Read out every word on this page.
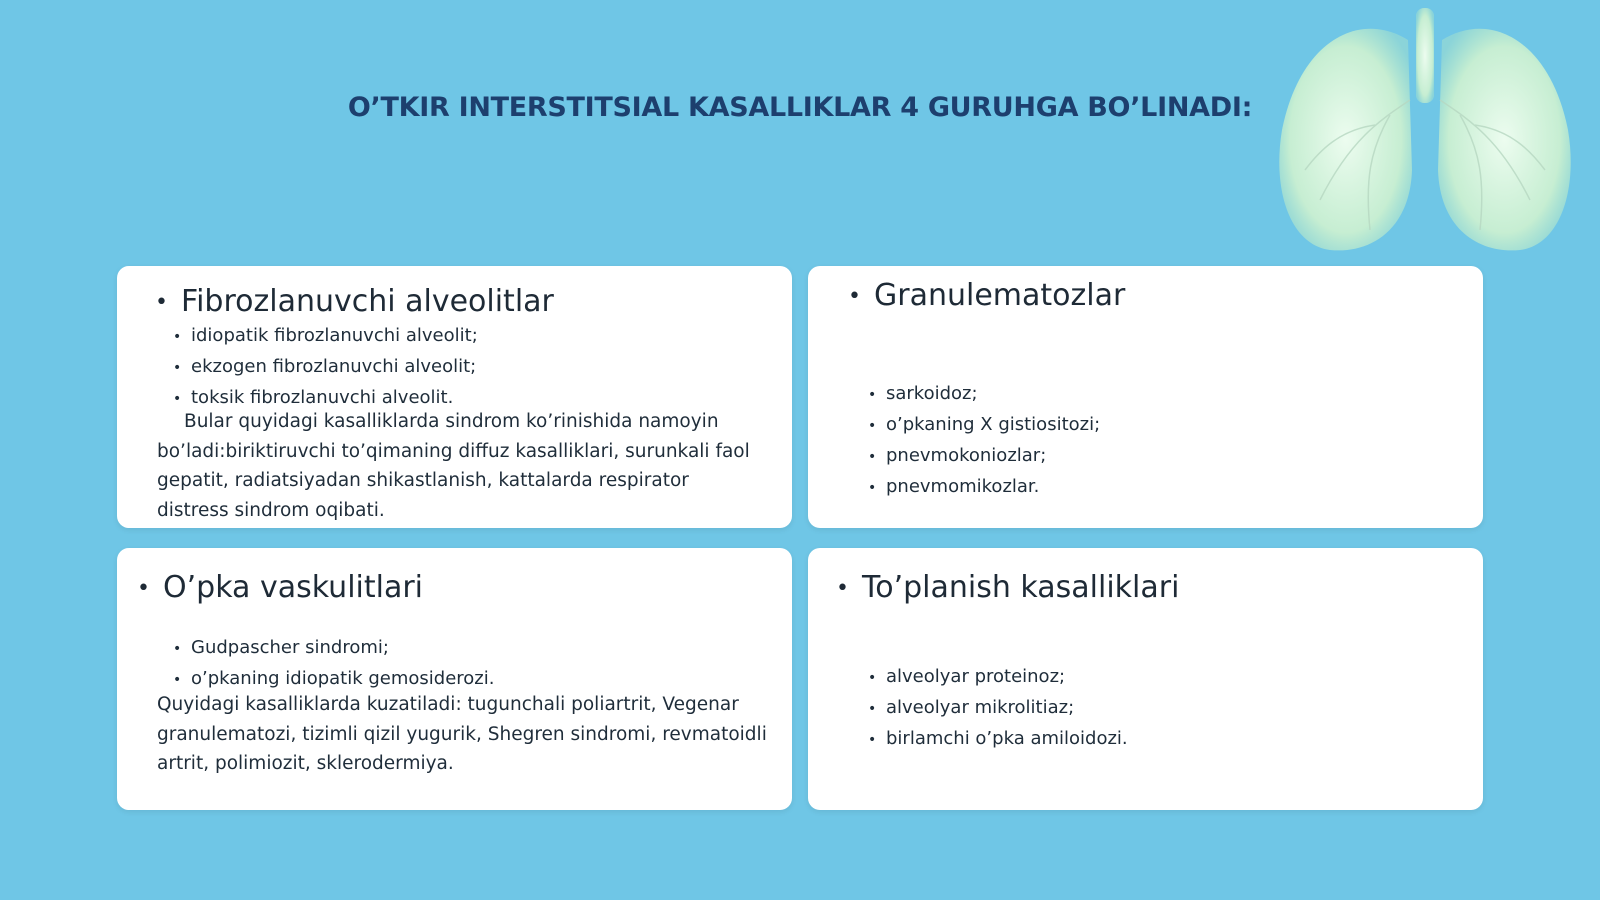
O’TKIR INTERSTITSIAL KASALLIKLAR 4 GURUHGA BO’LINADI:
• Fibrozlanuvchi alveolitlar
• idiopatik fibrozlanuvchi alveolit;
• ekzogen fibrozlanuvchi alveolit;
• toksik fibrozlanuvchi alveolit.

Bular quyidagi kasalliklarda sindrom ko’rinishida namoyin bo’ladi:biriktiruvchi to’qimaning diffuz kasalliklari, surunkali faol gepatit, radiatsiyadan shikastlanish, kattalarda respirator distress sindrom oqibati.

• Granulematozlar
• sarkoidoz;
• o’pkaning X gistiositozi;
• pnevmokoniozlar;
• pnevmomikozlar.
• O’pka vaskulitlari
• Gudpascher sindromi;
• o’pkaning idiopatik gemosiderozi.

Quyidagi kasalliklarda kuzatiladi: tugunchali poliartrit, Vegenar granulematozi, tizimli qizil yugurik, Shegren sindromi, revmatoidli artrit, polimiozit, sklerodermiya.

• To’planish kasalliklari
• alveolyar proteinoz;
• alveolyar mikrolitiaz;
• birlamchi o’pka amiloidozi.
